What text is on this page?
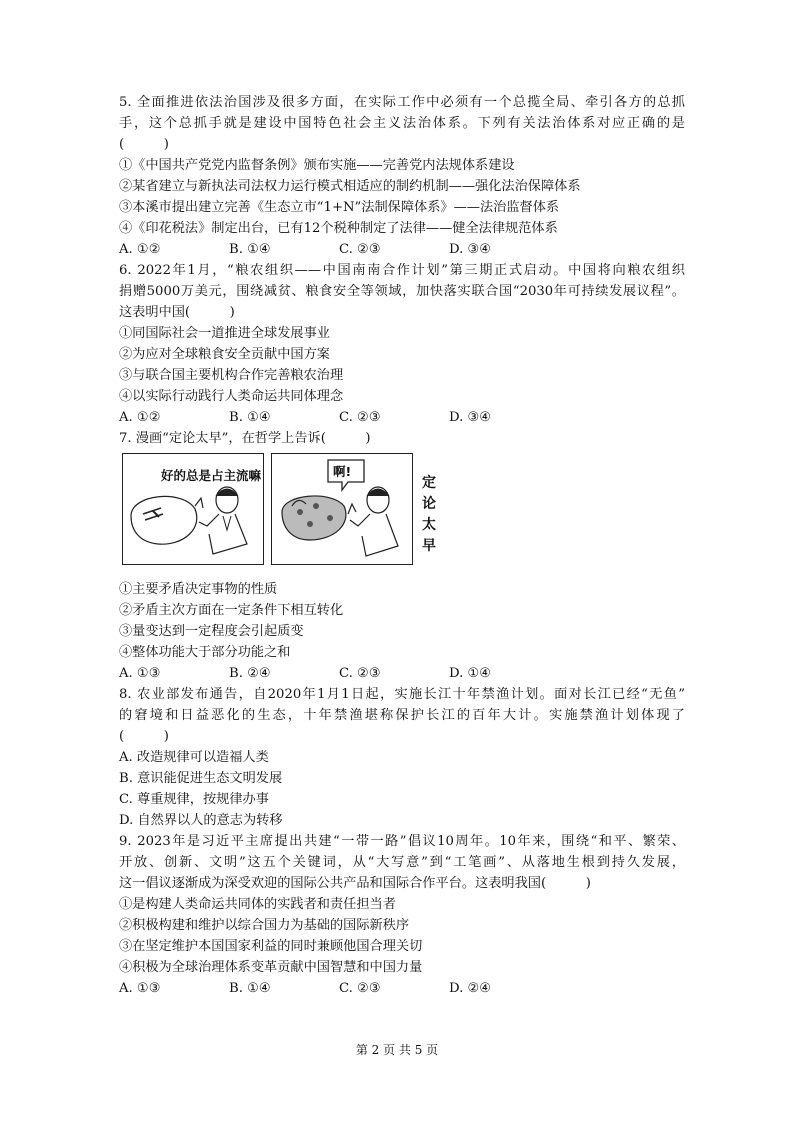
5. 全面推进依法治国涉及很多方面，在实际工作中必须有一个总揽全局、牵引各方的总抓
手，这个总抓手就是建设中国特色社会主义法治体系。下列有关法治体系对应正确的是
(　　　)
①《中国共产党党内监督条例》颁布实施——完善党内法规体系建设
②某省建立与新执法司法权力运行模式相适应的制约机制——强化法治保障体系
③本溪市提出建立完善《生态立市“1+N”法制保障体系》——法治监督体系
④《印花税法》制定出台，已有12个税种制定了法律——健全法律规范体系
A. ①②	B. ①④	C. ②③	D. ③④
6. 2022年1月，“粮农组织——中国南南合作计划”第三期正式启动。中国将向粮农组织
捐赠5000万美元，围绕减贫、粮食安全等领域，加快落实联合国“2030年可持续发展议程”。
这表明中国(　　　)
①同国际社会一道推进全球发展事业
②为应对全球粮食安全贡献中国方案
③与联合国主要机构合作完善粮农治理
④以实际行动践行人类命运共同体理念
A. ①②	B. ①④	C. ②③	D. ③④
7. 漫画“定论太早”，在哲学上告诉(　　　)
好的总是占主流嘛	啊!
定
论
太
早
①主要矛盾决定事物的性质
②矛盾主次方面在一定条件下相互转化
③量变达到一定程度会引起质变
④整体功能大于部分功能之和
A. ①③	B. ②④	C. ②③	D. ①④
8. 农业部发布通告，自2020年1月1日起，实施长江十年禁渔计划。面对长江已经“无鱼”
的窘境和日益恶化的生态，十年禁渔堪称保护长江的百年大计。实施禁渔计划体现了
(　　　)
A. 改造规律可以造福人类
B. 意识能促进生态文明发展
C. 尊重规律，按规律办事
D. 自然界以人的意志为转移
9. 2023年是习近平主席提出共建“一带一路”倡议10周年。10年来，围绕“和平、繁荣、
开放、创新、文明”这五个关键词，从“大写意”到“工笔画”、从落地生根到持久发展，
这一倡议逐渐成为深受欢迎的国际公共产品和国际合作平台。这表明我国(　　　)
①是构建人类命运共同体的实践者和责任担当者
②积极构建和维护以综合国力为基础的国际新秩序
③在坚定维护本国国家利益的同时兼顾他国合理关切
④积极为全球治理体系变革贡献中国智慧和中国力量
A. ①③	B. ①④	C. ②③	D. ②④
第 2 页 共 5 页
